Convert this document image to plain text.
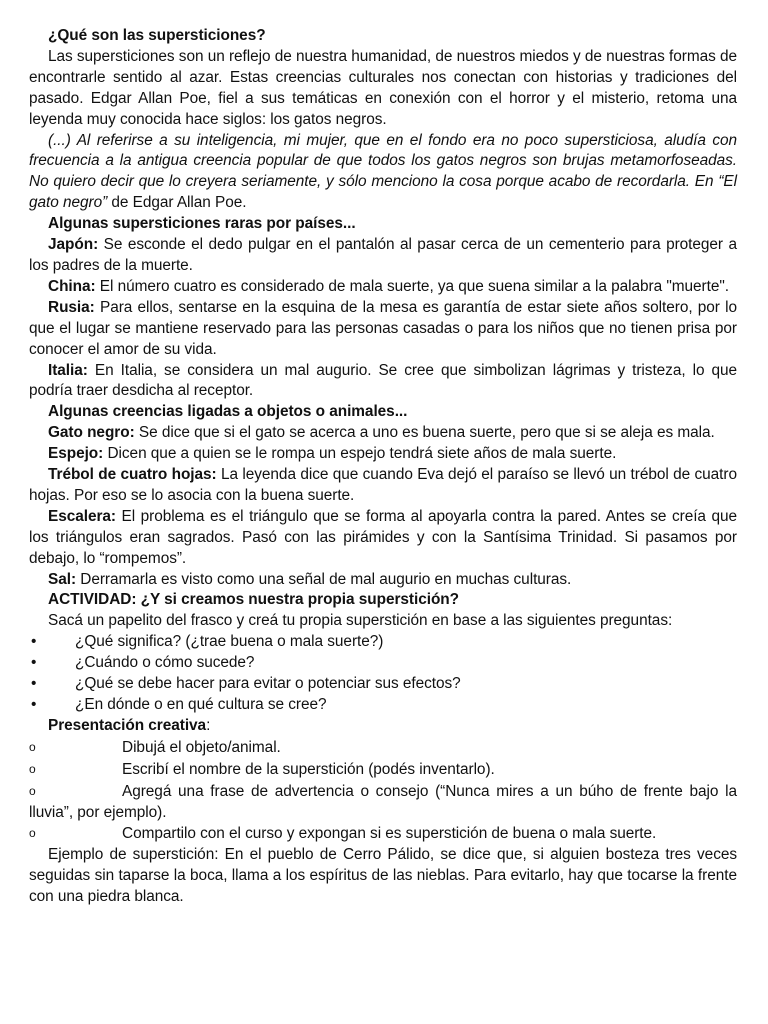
¿Qué son las supersticiones?

Las supersticiones son un reflejo de nuestra humanidad, de nuestros miedos y de nuestras formas de encontrarle sentido al azar. Estas creencias culturales nos conectan con historias y tradiciones del pasado. Edgar Allan Poe, fiel a sus temáticas en conexión con el horror y el misterio, retoma una leyenda muy conocida hace siglos: los gatos negros.

(...) Al referirse a su inteligencia, mi mujer, que en el fondo era no poco supersticiosa, aludía con frecuencia a la antigua creencia popular de que todos los gatos negros son brujas metamorfoseadas. No quiero decir que lo creyera seriamente, y sólo menciono la cosa porque acabo de recordarla. En “El gato negro” de Edgar Allan Poe.

Algunas supersticiones raras por países...

Japón: Se esconde el dedo pulgar en el pantalón al pasar cerca de un cementerio para proteger a los padres de la muerte.

China: El número cuatro es considerado de mala suerte, ya que suena similar a la palabra "muerte".

Rusia: Para ellos, sentarse en la esquina de la mesa es garantía de estar siete años soltero, por lo que el lugar se mantiene reservado para las personas casadas o para los niños que no tienen prisa por conocer el amor de su vida.

Italia: En Italia, se considera un mal augurio. Se cree que simbolizan lágrimas y tristeza, lo que podría traer desdicha al receptor.

Algunas creencias ligadas a objetos o animales...

Gato negro: Se dice que si el gato se acerca a uno es buena suerte, pero que si se aleja es mala.

Espejo: Dicen que a quien se le rompa un espejo tendrá siete años de mala suerte.

Trébol de cuatro hojas: La leyenda dice que cuando Eva dejó el paraíso se llevó un trébol de cuatro hojas. Por eso se lo asocia con la buena suerte.

Escalera: El problema es el triángulo que se forma al apoyarla contra la pared. Antes se creía que los triángulos eran sagrados. Pasó con las pirámides y con la Santísima Trinidad. Si pasamos por debajo, lo “rompemos”.

Sal: Derramarla es visto como una señal de mal augurio en muchas culturas.

ACTIVIDAD: ¿Y si creamos nuestra propia superstición?

Sacá un papelito del frasco y creá tu propia superstición en base a las siguientes preguntas:

•	¿Qué significa? (¿trae buena o mala suerte?)

•	¿Cuándo o cómo sucede?

•	¿Qué se debe hacer para evitar o potenciar sus efectos?

•	¿En dónde o en qué cultura se cree?

Presentación creativa:

o	Dibujá el objeto/animal.

o	Escribí el nombre de la superstición (podés inventarlo).

o	Agregá una frase de advertencia o consejo (“Nunca mires a un búho de frente bajo la lluvia”, por ejemplo).

o	Compartilo con el curso y expongan si es superstición de buena o mala suerte.

Ejemplo de superstición: En el pueblo de Cerro Pálido, se dice que, si alguien bosteza tres veces seguidas sin taparse la boca, llama a los espíritus de las nieblas. Para evitarlo, hay que tocarse la frente con una piedra blanca.
